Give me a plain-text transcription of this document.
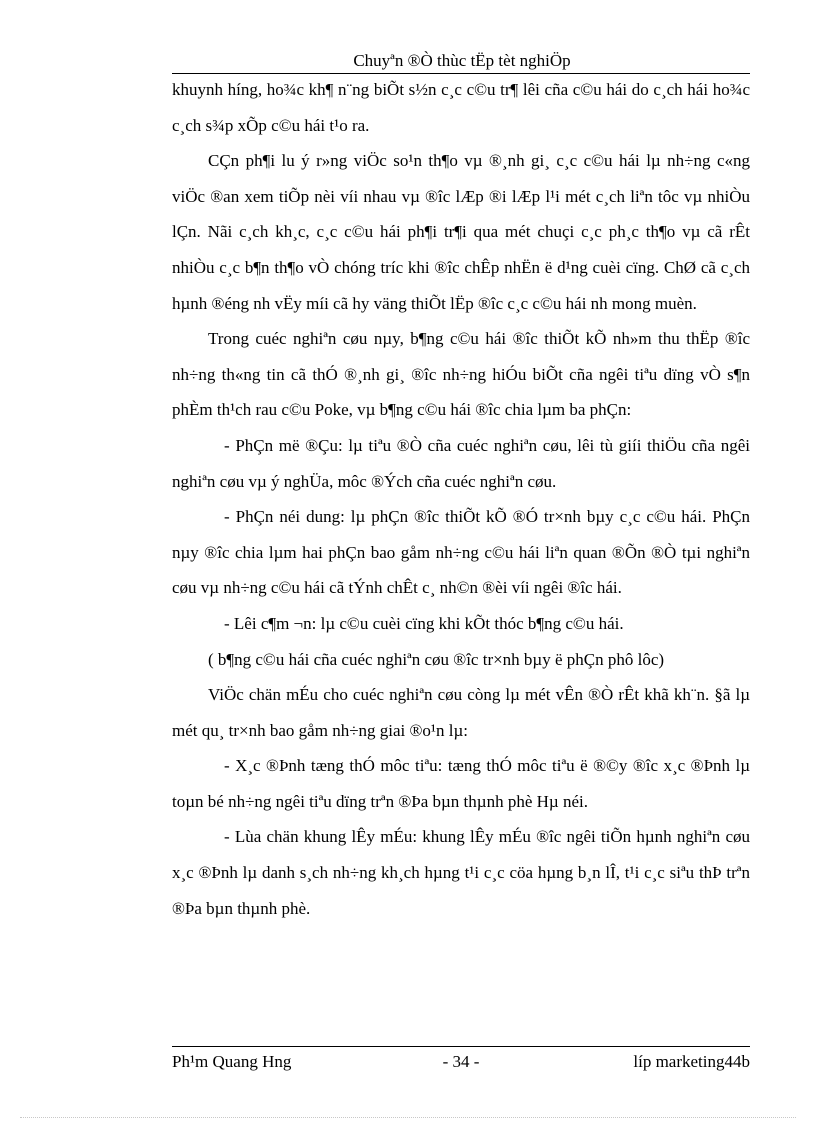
Chuyªn ®Ò thùc tËp tèt nghiÖp

khuynh híng, ho¾c kh¶ n¨ng biÕt s½n c¸c c©u tr¶ lêi cña c©u hái do c¸ch hái ho¾c c¸ch s¾p xÕp c©u hái t¹o ra.

CÇn ph¶i lu ý r»ng viÖc so¹n th¶o vµ ®¸nh gi¸ c¸c c©u hái lµ nh÷ng c«ng viÖc ®an xem tiÕp nèi víi nhau vµ ®îc lÆp ®i lÆp l¹i mét c¸ch liªn tôc vµ nhiÒu lÇn. Nãi c¸ch kh¸c, c¸c c©u hái ph¶i tr¶i qua mét chuçi c¸c ph¸c th¶o vµ cã rÊt nhiÒu c¸c b¶n th¶o vÒ chóng tríc khi ®îc chÊp nhËn ë d¹ng cuèi cïng. ChØ cã c¸ch hµnh ®éng nh vËy míi cã hy väng thiÕt lËp ®îc c¸c c©u hái nh mong muèn.

Trong cuéc nghiªn cøu nµy, b¶ng c©u hái ®îc thiÕt kÕ nh»m thu thËp ®îc nh÷ng th«ng tin cã thÓ ®¸nh gi¸ ®îc nh÷ng hiÓu biÕt cña ngêi tiªu dïng vÒ s¶n phÈm th¹ch rau c©u Poke, vµ b¶ng c©u hái ®îc chia lµm ba phÇn:

- PhÇn më ®Çu: lµ tiªu ®Ò cña cuéc nghiªn cøu, lêi tù giíi thiÖu cña ngêi nghiªn cøu vµ ý nghÜa, môc ®Ých cña cuéc nghiªn cøu.

- PhÇn néi dung: lµ phÇn ®îc thiÕt kÕ ®Ó tr×nh bµy c¸c c©u hái. PhÇn nµy ®îc chia lµm hai phÇn bao gåm nh÷ng c©u hái liªn quan ®Õn ®Ò tµi nghiªn cøu vµ nh÷ng c©u hái cã tÝnh chÊt c¸ nh©n ®èi víi ngêi ®îc hái.

- Lêi c¶m ¬n: lµ c©u cuèi cïng khi kÕt thóc b¶ng c©u hái.

( b¶ng c©u hái cña cuéc nghiªn cøu ®îc tr×nh bµy ë phÇn phô lôc)

ViÖc chän mÉu cho cuéc nghiªn cøu còng lµ mét vÊn ®Ò rÊt khã kh¨n. §ã lµ mét qu¸ tr×nh bao gåm nh÷ng giai ®o¹n lµ:

- X¸c ®Þnh tæng thÓ môc tiªu: tæng thÓ môc tiªu ë ®©y ®îc x¸c ®Þnh lµ toµn bé nh÷ng ngêi tiªu dïng trªn ®Þa bµn thµnh phè Hµ néi.

- Lùa chän khung lÊy mÉu: khung lÊy mÉu ®îc ngêi tiÕn hµnh nghiªn cøu x¸c ®Þnh lµ danh s¸ch nh÷ng kh¸ch hµng t¹i c¸c cöa hµng b¸n lÎ, t¹i c¸c siªu thÞ trªn ®Þa bµn thµnh phè.

Ph¹m Quang Hng	- 34 -	líp marketing44b
